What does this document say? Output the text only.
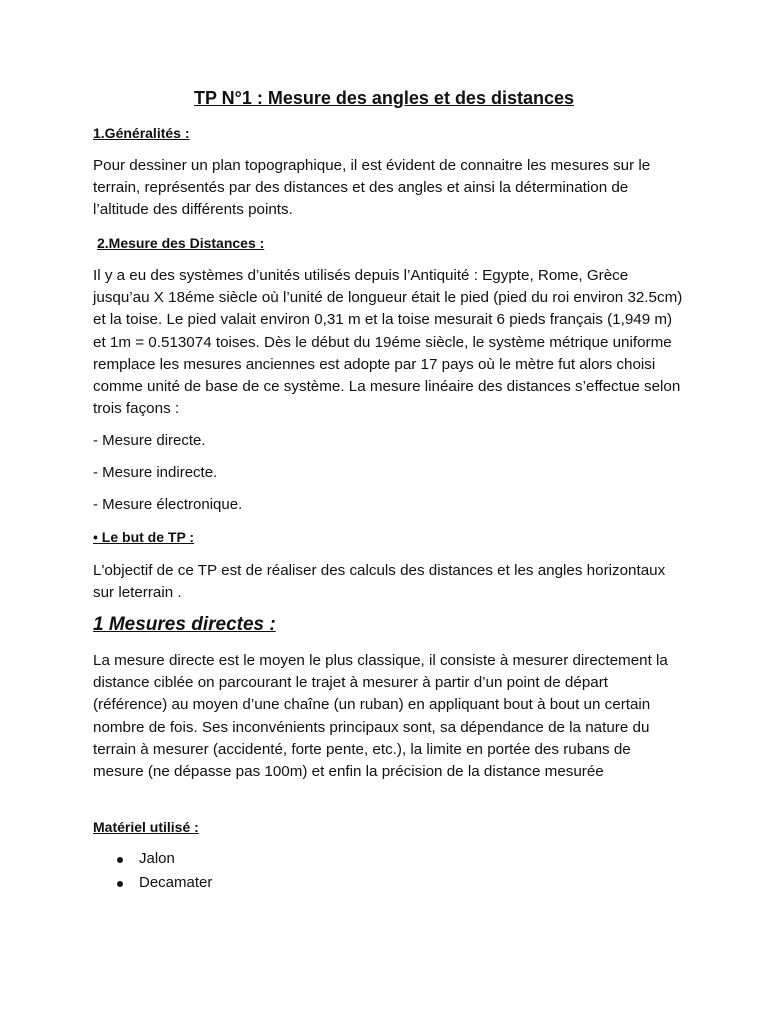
TP N°1 : Mesure des angles et des distances
1.Généralités :
Pour dessiner un plan topographique, il est évident de connaitre les mesures sur le terrain, représentés par des distances et des angles et ainsi la détermination de l’altitude des différents points.
2.Mesure des Distances :
Il y a eu des systèmes d’unités utilisés depuis l’Antiquité : Egypte, Rome, Grèce jusqu’au X 18éme siècle où l’unité de longueur était le pied (pied du roi environ 32.5cm) et la toise. Le pied valait environ 0,31 m et la toise mesurait 6 pieds français (1,949 m) et 1m = 0.513074 toises. Dès le début du 19éme siècle, le système métrique uniforme remplace les mesures anciennes est adopte par 17 pays où le mètre fut alors choisi comme unité de base de ce système. La mesure linéaire des distances s’effectue selon trois façons :
- Mesure directe.
- Mesure indirecte.
- Mesure électronique.
• Le but de TP :
L'objectif de ce TP est de réaliser des calculs des distances et les angles horizontaux sur leterrain .
1 Mesures directes :
La mesure directe est le moyen le plus classique, il consiste à mesurer directement la distance ciblée on parcourant le trajet à mesurer à partir d’un point de départ (référence) au moyen d’une chaîne (un ruban) en appliquant bout à bout un certain nombre de fois. Ses inconvénients principaux sont, sa dépendance de la nature du terrain à mesurer (accidenté, forte pente, etc.), la limite en portée des rubans de mesure (ne dépasse pas 100m) et enfin la précision de la distance mesurée
Matériel utilisé :
Jalon
Decamater
